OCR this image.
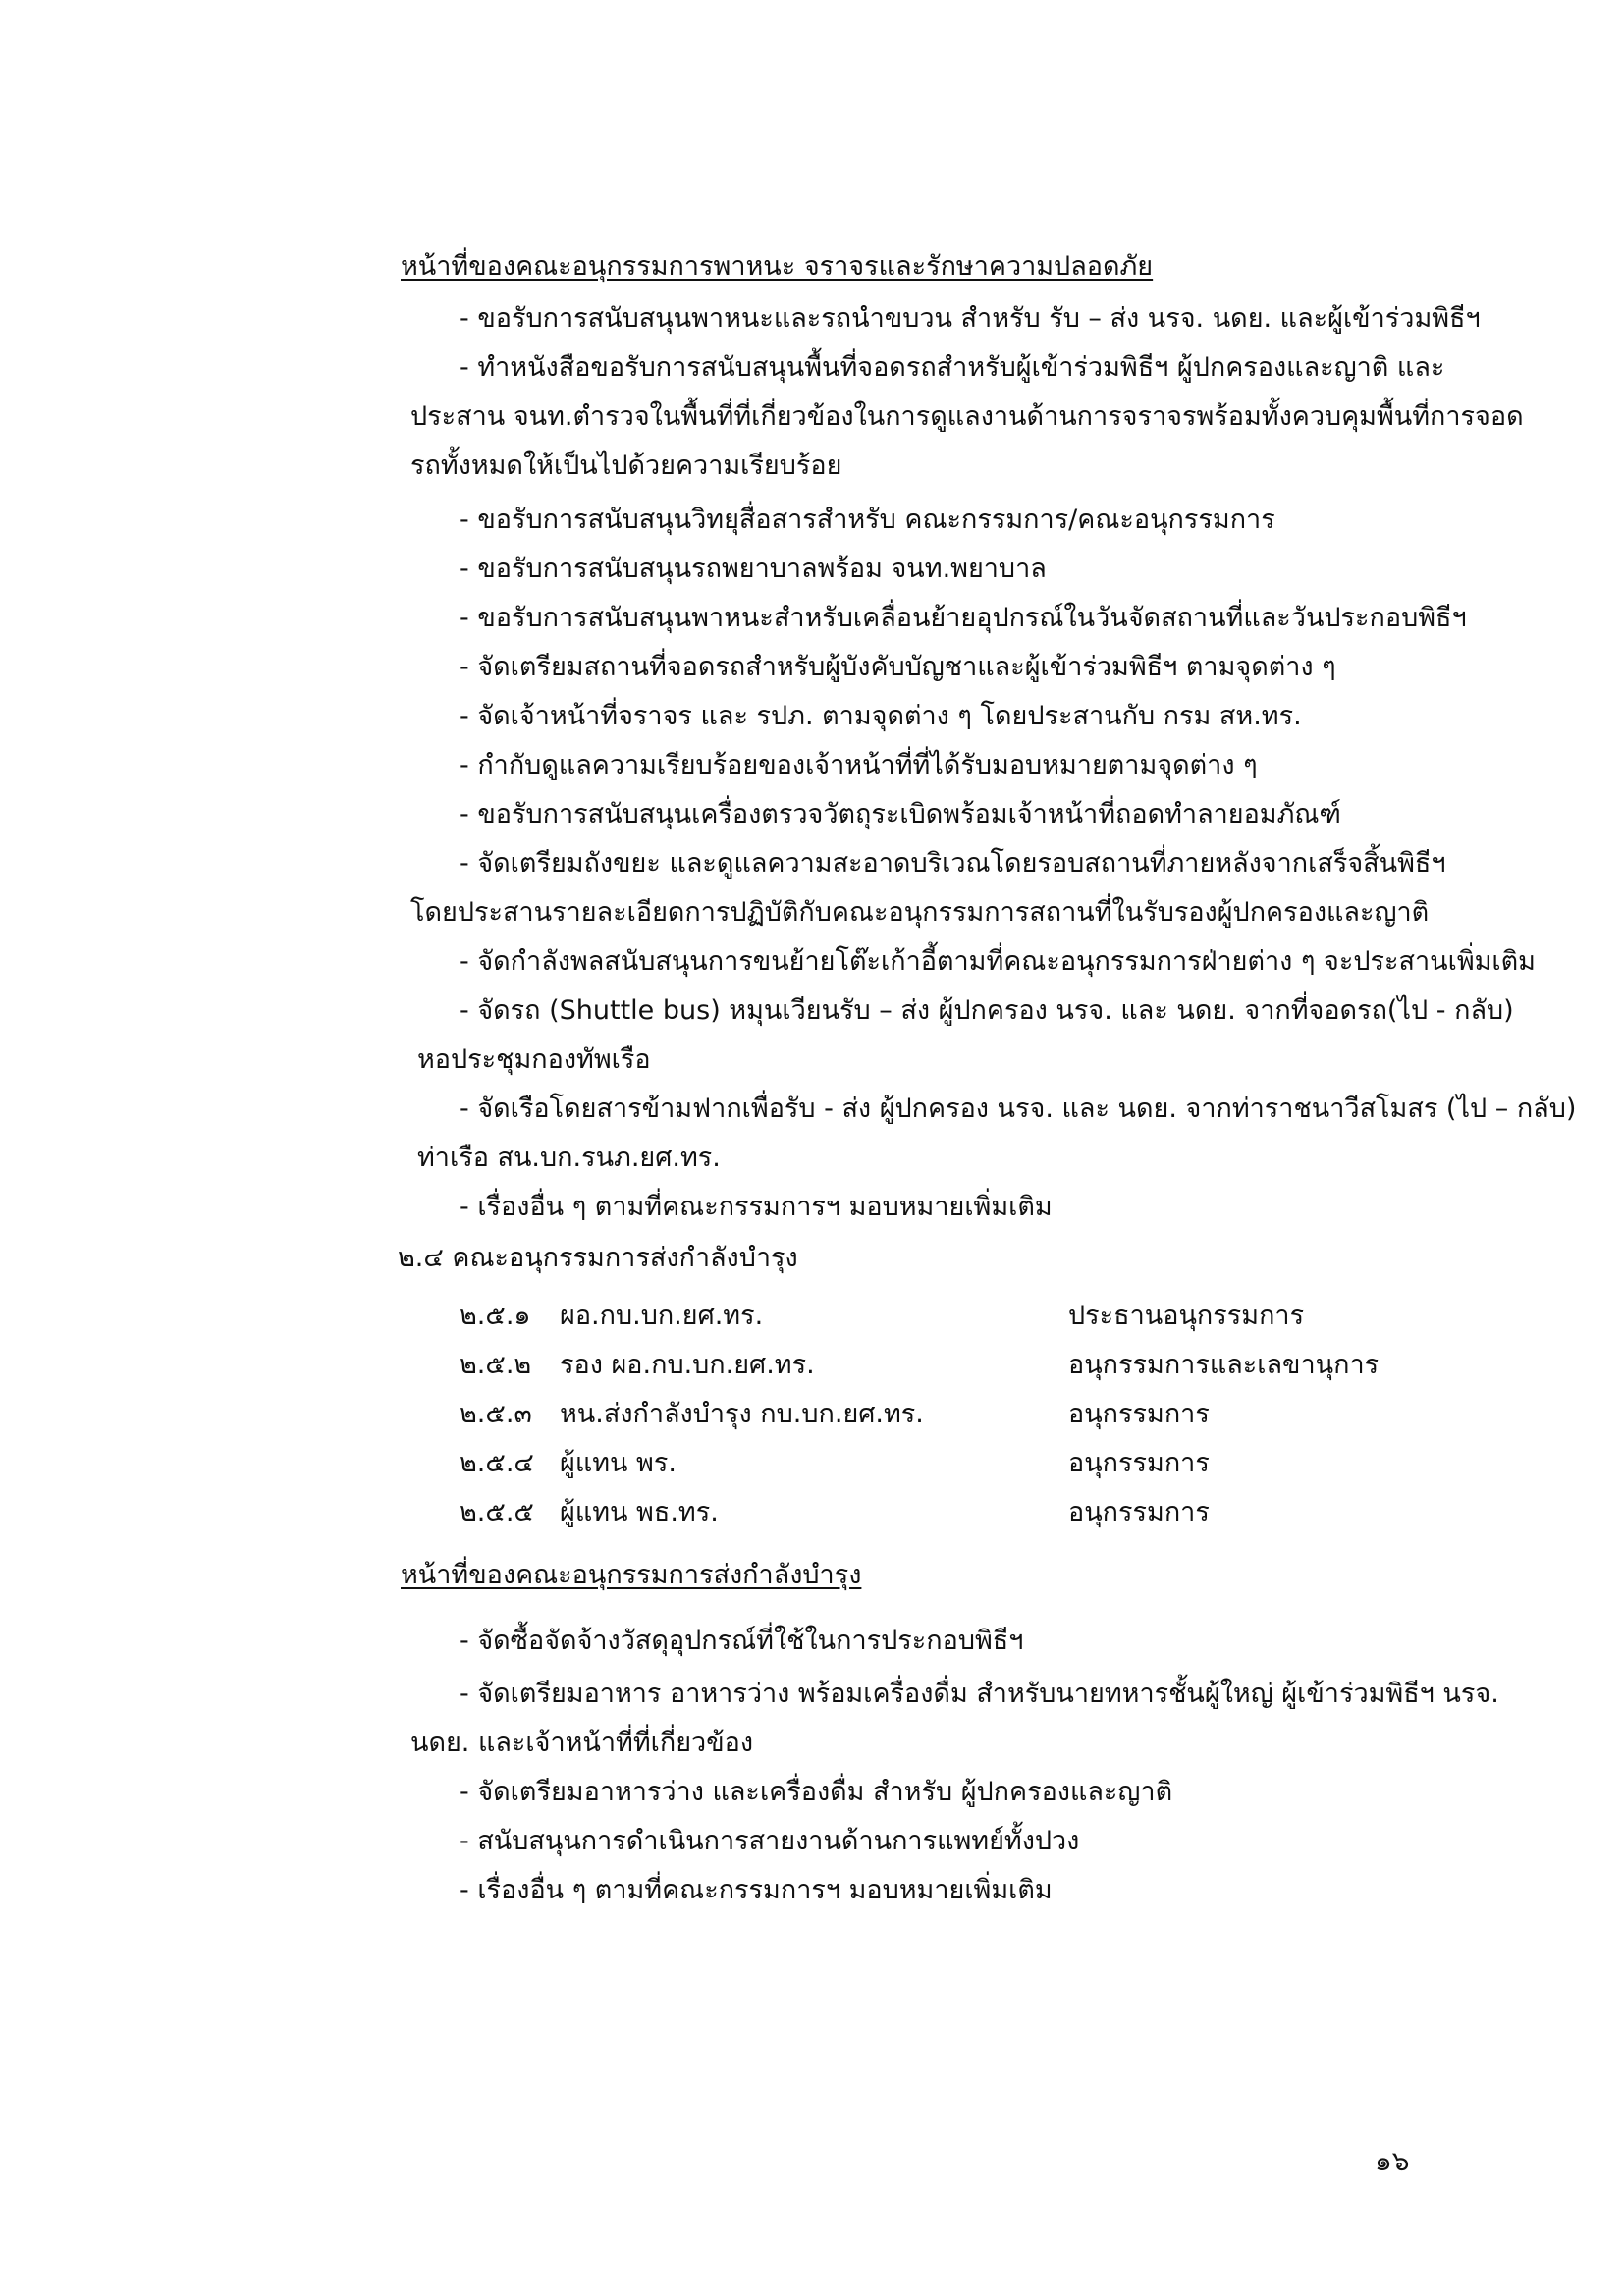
หน้าที่ของคณะอนุกรรมการพาหนะ จราจรและรักษาความปลอดภัย
- ขอรับการสนับสนุนพาหนะและรถนำขบวน สำหรับ รับ – ส่ง นรจ. นดย. และผู้เข้าร่วมพิธีฯ
- ทำหนังสือขอรับการสนับสนุนพื้นที่จอดรถสำหรับผู้เข้าร่วมพิธีฯ ผู้ปกครองและญาติ และ
ประสาน จนท.ตำรวจในพื้นที่ที่เกี่ยวข้องในการดูแลงานด้านการจราจรพร้อมทั้งควบคุมพื้นที่การจอด
รถทั้งหมดให้เป็นไปด้วยความเรียบร้อย
- ขอรับการสนับสนุนวิทยุสื่อสารสำหรับ คณะกรรมการ/คณะอนุกรรมการ
- ขอรับการสนับสนุนรถพยาบาลพร้อม จนท.พยาบาล
- ขอรับการสนับสนุนพาหนะสำหรับเคลื่อนย้ายอุปกรณ์ในวันจัดสถานที่และวันประกอบพิธีฯ
- จัดเตรียมสถานที่จอดรถสำหรับผู้บังคับบัญชาและผู้เข้าร่วมพิธีฯ ตามจุดต่าง ๆ
- จัดเจ้าหน้าที่จราจร และ รปภ. ตามจุดต่าง ๆ โดยประสานกับ กรม สห.ทร.
- กำกับดูแลความเรียบร้อยของเจ้าหน้าที่ที่ได้รับมอบหมายตามจุดต่าง ๆ
- ขอรับการสนับสนุนเครื่องตรวจวัตถุระเบิดพร้อมเจ้าหน้าที่ถอดทำลายอมภัณฑ์
- จัดเตรียมถังขยะ และดูแลความสะอาดบริเวณโดยรอบสถานที่ภายหลังจากเสร็จสิ้นพิธีฯ
โดยประสานรายละเอียดการปฏิบัติกับคณะอนุกรรมการสถานที่ในรับรองผู้ปกครองและญาติ
- จัดกำลังพลสนับสนุนการขนย้ายโต๊ะเก้าอี้ตามที่คณะอนุกรรมการฝ่ายต่าง ๆ จะประสานเพิ่มเติม
- จัดรถ (Shuttle bus) หมุนเวียนรับ – ส่ง ผู้ปกครอง นรจ. และ นดย. จากที่จอดรถ(ไป - กลับ)
หอประชุมกองทัพเรือ
- จัดเรือโดยสารข้ามฟากเพื่อรับ - ส่ง ผู้ปกครอง นรจ. และ นดย. จากท่าราชนาวีสโมสร (ไป – กลับ)
ท่าเรือ สน.บก.รนภ.ยศ.ทร.
- เรื่องอื่น ๆ ตามที่คณะกรรมการฯ มอบหมายเพิ่มเติม
๒.๔ คณะอนุกรรมการส่งกำลังบำรุง
๒.๕.๑ ผอ.กบ.บก.ยศ.ทร.	ประธานอนุกรรมการ
๒.๕.๒ รอง ผอ.กบ.บก.ยศ.ทร.	อนุกรรมการและเลขานุการ
๒.๕.๓ หน.ส่งกำลังบำรุง กบ.บก.ยศ.ทร.	อนุกรรมการ
๒.๕.๔ ผู้แทน พร.	อนุกรรมการ
๒.๕.๕ ผู้แทน พธ.ทร.	อนุกรรมการ
หน้าที่ของคณะอนุกรรมการส่งกำลังบำรุง
- จัดซื้อจัดจ้างวัสดุอุปกรณ์ที่ใช้ในการประกอบพิธีฯ
- จัดเตรียมอาหาร อาหารว่าง พร้อมเครื่องดื่ม สำหรับนายทหารชั้นผู้ใหญ่ ผู้เข้าร่วมพิธีฯ นรจ.
นดย. และเจ้าหน้าที่ที่เกี่ยวข้อง
- จัดเตรียมอาหารว่าง และเครื่องดื่ม สำหรับ ผู้ปกครองและญาติ
- สนับสนุนการดำเนินการสายงานด้านการแพทย์ทั้งปวง
- เรื่องอื่น ๆ ตามที่คณะกรรมการฯ มอบหมายเพิ่มเติม
๑๖
